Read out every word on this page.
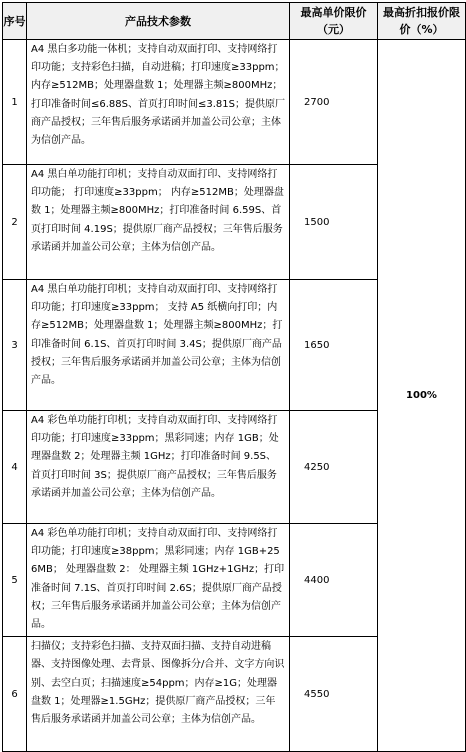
序号	产品技术参数	最高单价限价（元）	最高折扣报价限价（%）
1	A4 黑白多功能一体机；支持自动双面打印、支持网络打印功能；支持彩色扫描，自动进稿；打印速度≥33ppm；内存≥512MB；处理器盘数 1；处理器主频≥800MHz；打印准备时间≤6.88S、首页打印时间≤3.81S；提供原厂商产品授权；三年售后服务承诺函并加盖公司公章；主体为信创产品。	2700	100%
2	A4 黑白单功能打印机；支持自动双面打印、支持网络打印功能； 打印速度≥33ppm； 内存≥512MB；处理器盘数 1；处理器主频≥800MHz；打印准备时间 6.59S、首页打印时间 4.19S；提供原厂商产品授权；三年售后服务承诺函并加盖公司公章；主体为信创产品。	1500	
3	A4 黑白单功能打印机；支持自动双面打印、支持网络打印功能；打印速度≥33ppm； 支持 A5 纸横向打印；内存≥512MB；处理器盘数 1；处理器主频≥800MHz；打印准备时间 6.1S、首页打印时间 3.4S；提供原厂商产品授权；三年售后服务承诺函并加盖公司公章；主体为信创产品。	1650	
4	A4 彩色单功能打印机；支持自动双面打印、支持网络打印功能；打印速度≥33ppm；黑彩同速；内存 1GB；处理器盘数 2；处理器主频 1GHz；打印准备时间 9.5S、首页打印时间 3S；提供原厂商产品授权；三年售后服务承诺函并加盖公司公章；主体为信创产品。	4250	
5	A4 彩色单功能打印机；支持自动双面打印、支持网络打印功能；打印速度≥38ppm；黑彩同速；内存 1GB+256MB； 处理器盘数 2： 处理器主频 1GHz+1GHz；打印准备时间 7.1S、首页打印时间 2.6S；提供原厂商产品授权；三年售后服务承诺函并加盖公司公章；主体为信创产品。	4400	
6	扫描仪；支持彩色扫描、支持双面扫描、支持自动进稿器、支持图像处理、去背景、图像拆分/合并、文字方向识别、去空白页；扫描速度≥54ppm；内存≥1G；处理器盘数 1；处理器≥1.5GHz；提供原厂商产品授权；三年售后服务承诺函并加盖公司公章；主体为信创产品。	4550	
